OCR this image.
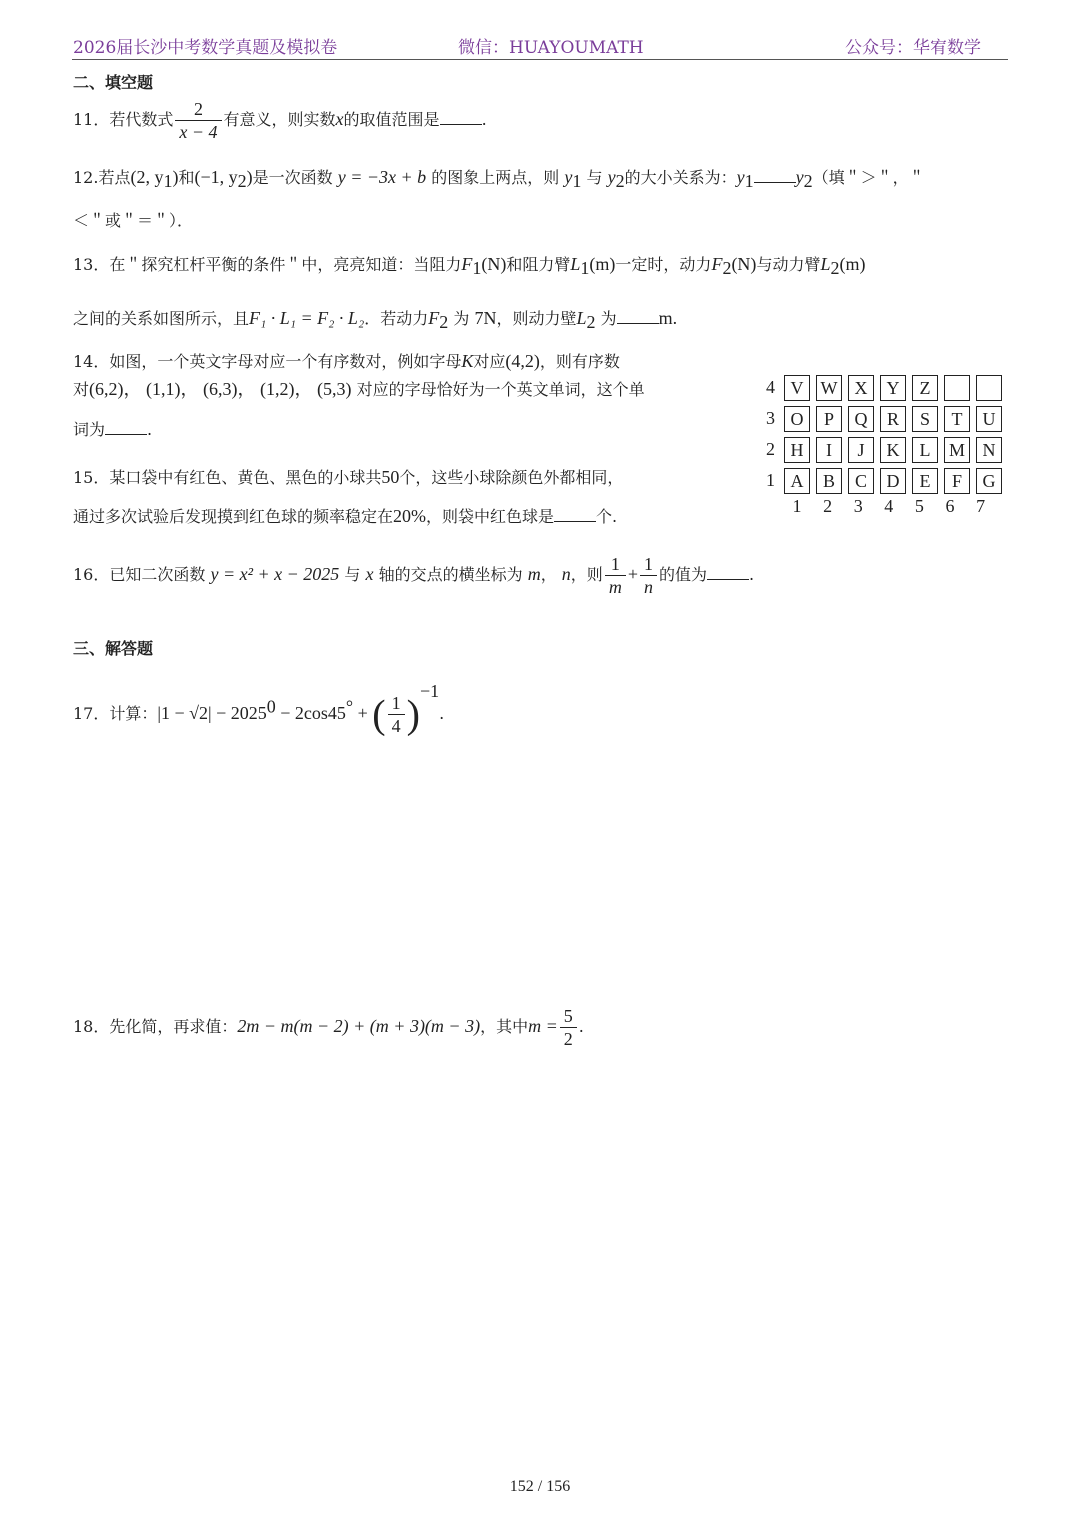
2026届长沙中考数学真题及模拟卷	微信：HUAYOUMATH	公众号：华宥数学
二、填空题
11．若代数式 $\frac{2}{x - 4}$ 有意义，则实数x的取值范围是	.
12.若点(2, $y_1$)和(−1, $y_2$)是一次函数 y = −3x + b 的图象上两点，则 $y_1$ 与 $y_2$的大小关系为：$y_1$ $y_2$（填＂＞＂，＂
＜＂或＂＝＂）．
13．在＂探究杠杆平衡的条件＂中，亮亮知道：当阻力$F_1(N)$和阻力臂$L_1(m)$一定时，动力$F_2(N)$与动力臂$L_2(m)$
之间的关系如图所示，且F₁ · L₁ = F₂ · L₂．若动力$F_2$ 为 7N，则动力壁$L_2$ 为 m.
14．如图，一个英文字母对应一个有序数对，例如字母K对应(4,2)，则有序数
对(6,2)， (1,1)， (6,3)， (1,2)， (5,3) 对应的字母恰好为一个英文单词，这个单
词为	.
4 V W X	Y	Z
3 O	P	Q	R	S	T	U
2 H	I	J	K	L	M N
1 A	B	C	D	E	F	G
1	2	3	4	5	6	7
15．某口袋中有红色、黄色、黑色的小球共50个，这些小球除颜色外都相同，
通过多次试验后发现摸到红色球的频率稳定在20%，则袋中红色球是	个.
16．已知二次函数 y = x² + x − 2025 与 x 轴的交点的横坐标为 m， n，则 $\frac{1}{m} + \frac{1}{n}$ 的值为	.
三、解答题
17．计算：$|1 - √2| - 2025^0 - 2\cos 45^\circ$ + ( $\frac{1}{4} )^{-1}$.
18．先化简，再求值：2m − m(m − 2) + (m + 3)(m − 3)，其中$m = \frac{5}{2}$ .
152 / 156
